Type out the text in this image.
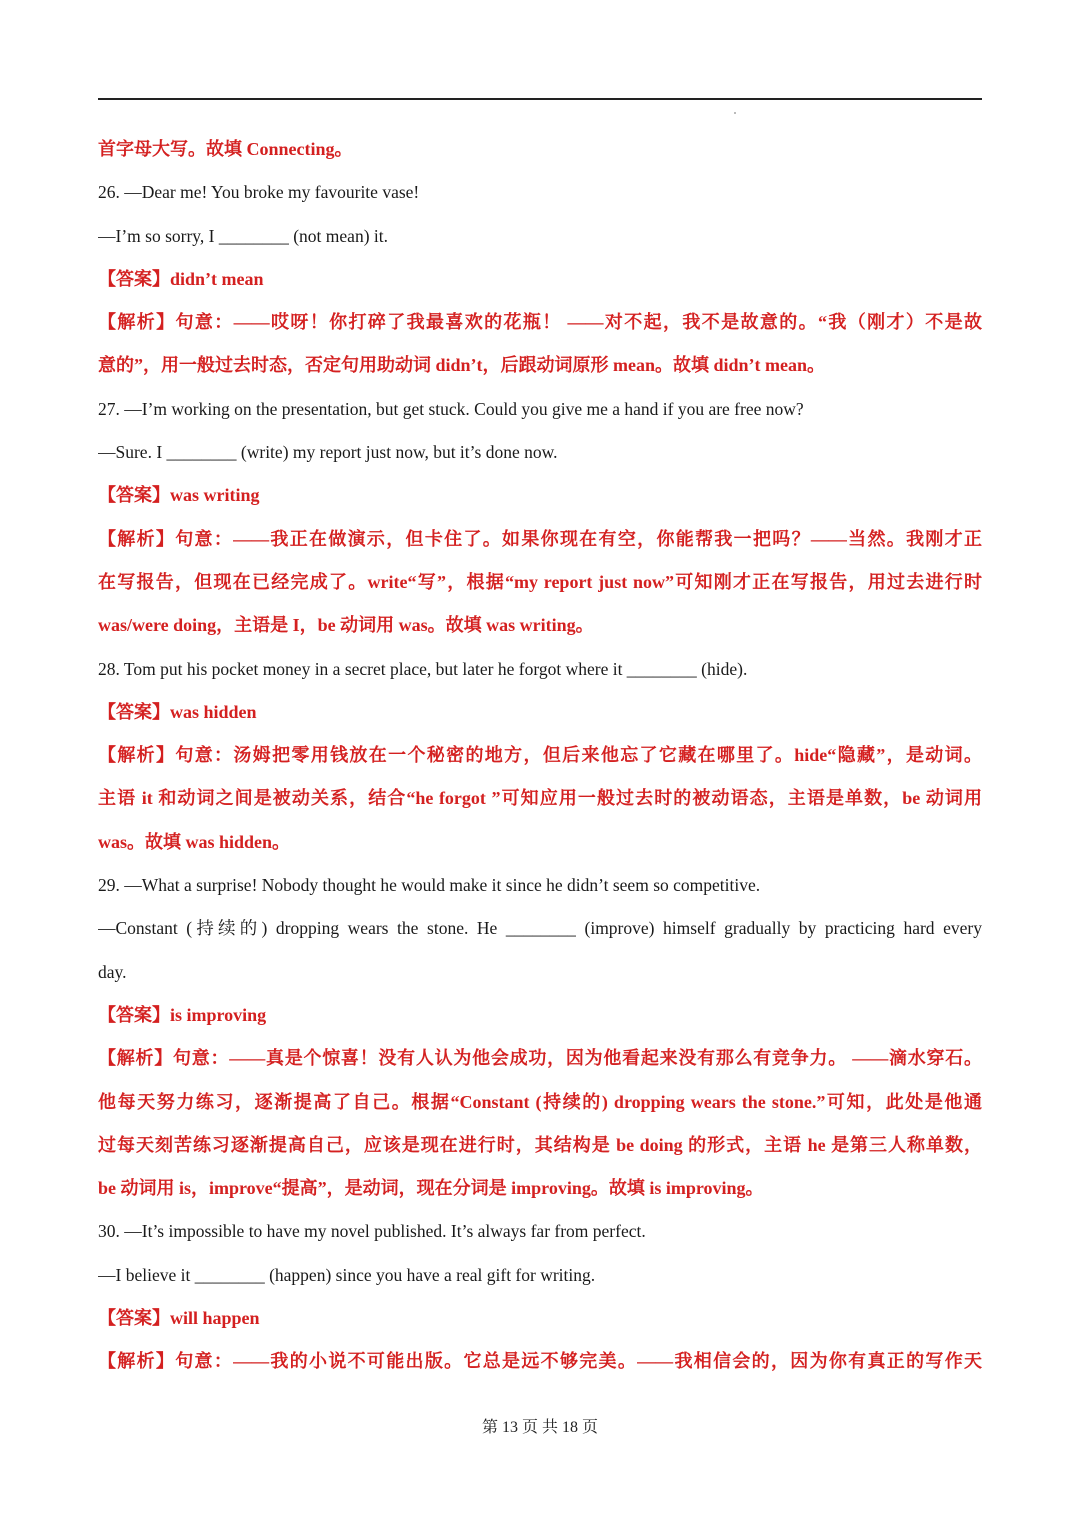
首字母大写。故填 Connecting。
26. —Dear me! You broke my favourite vase!
—I’m so sorry, I ________ (not mean) it.
【答案】didn’t mean
【解析】句意：——哎呀！你打碎了我最喜欢的花瓶！ ——对不起，我不是故意的。“我（刚才）不是故
意的”，用一般过去时态，否定句用助动词 didn’t，后跟动词原形 mean。故填 didn’t mean。
27. —I’m working on the presentation, but get stuck. Could you give me a hand if you are free now?
—Sure. I ________ (write) my report just now, but it’s done now.
【答案】was writing
【解析】句意：——我正在做演示，但卡住了。如果你现在有空，你能帮我一把吗？——当然。我刚才正
在写报告，但现在已经完成了。write“写”，根据“my report just now”可知刚才正在写报告，用过去进行时
was/were doing，主语是 I，be 动词用 was。故填 was writing。
28. Tom put his pocket money in a secret place, but later he forgot where it ________ (hide).
【答案】was hidden
【解析】句意：汤姆把零用钱放在一个秘密的地方，但后来他忘了它藏在哪里了。hide“隐藏”，是动词。
主语 it 和动词之间是被动关系，结合“he forgot ”可知应用一般过去时的被动语态，主语是单数，be 动词用
was。故填 was hidden。
29. —What a surprise! Nobody thought he would make it since he didn’t seem so competitive.
—Constant (持续的) dropping wears the stone. He ________ (improve) himself gradually by practicing hard every
day.
【答案】is improving
【解析】句意：——真是个惊喜！没有人认为他会成功，因为他看起来没有那么有竞争力。 ——滴水穿石。
他每天努力练习，逐渐提高了自己。根据“Constant (持续的) dropping wears the stone.”可知，此处是他通
过每天刻苦练习逐渐提高自己，应该是现在进行时，其结构是 be doing 的形式，主语 he 是第三人称单数，
be 动词用 is，improve“提高”，是动词，现在分词是 improving。故填 is improving。
30. —It’s impossible to have my novel published. It’s always far from perfect.
—I believe it ________ (happen) since you have a real gift for writing.
【答案】will happen
【解析】句意：——我的小说不可能出版。它总是远不够完美。——我相信会的，因为你有真正的写作天
第 13 页 共 18 页
